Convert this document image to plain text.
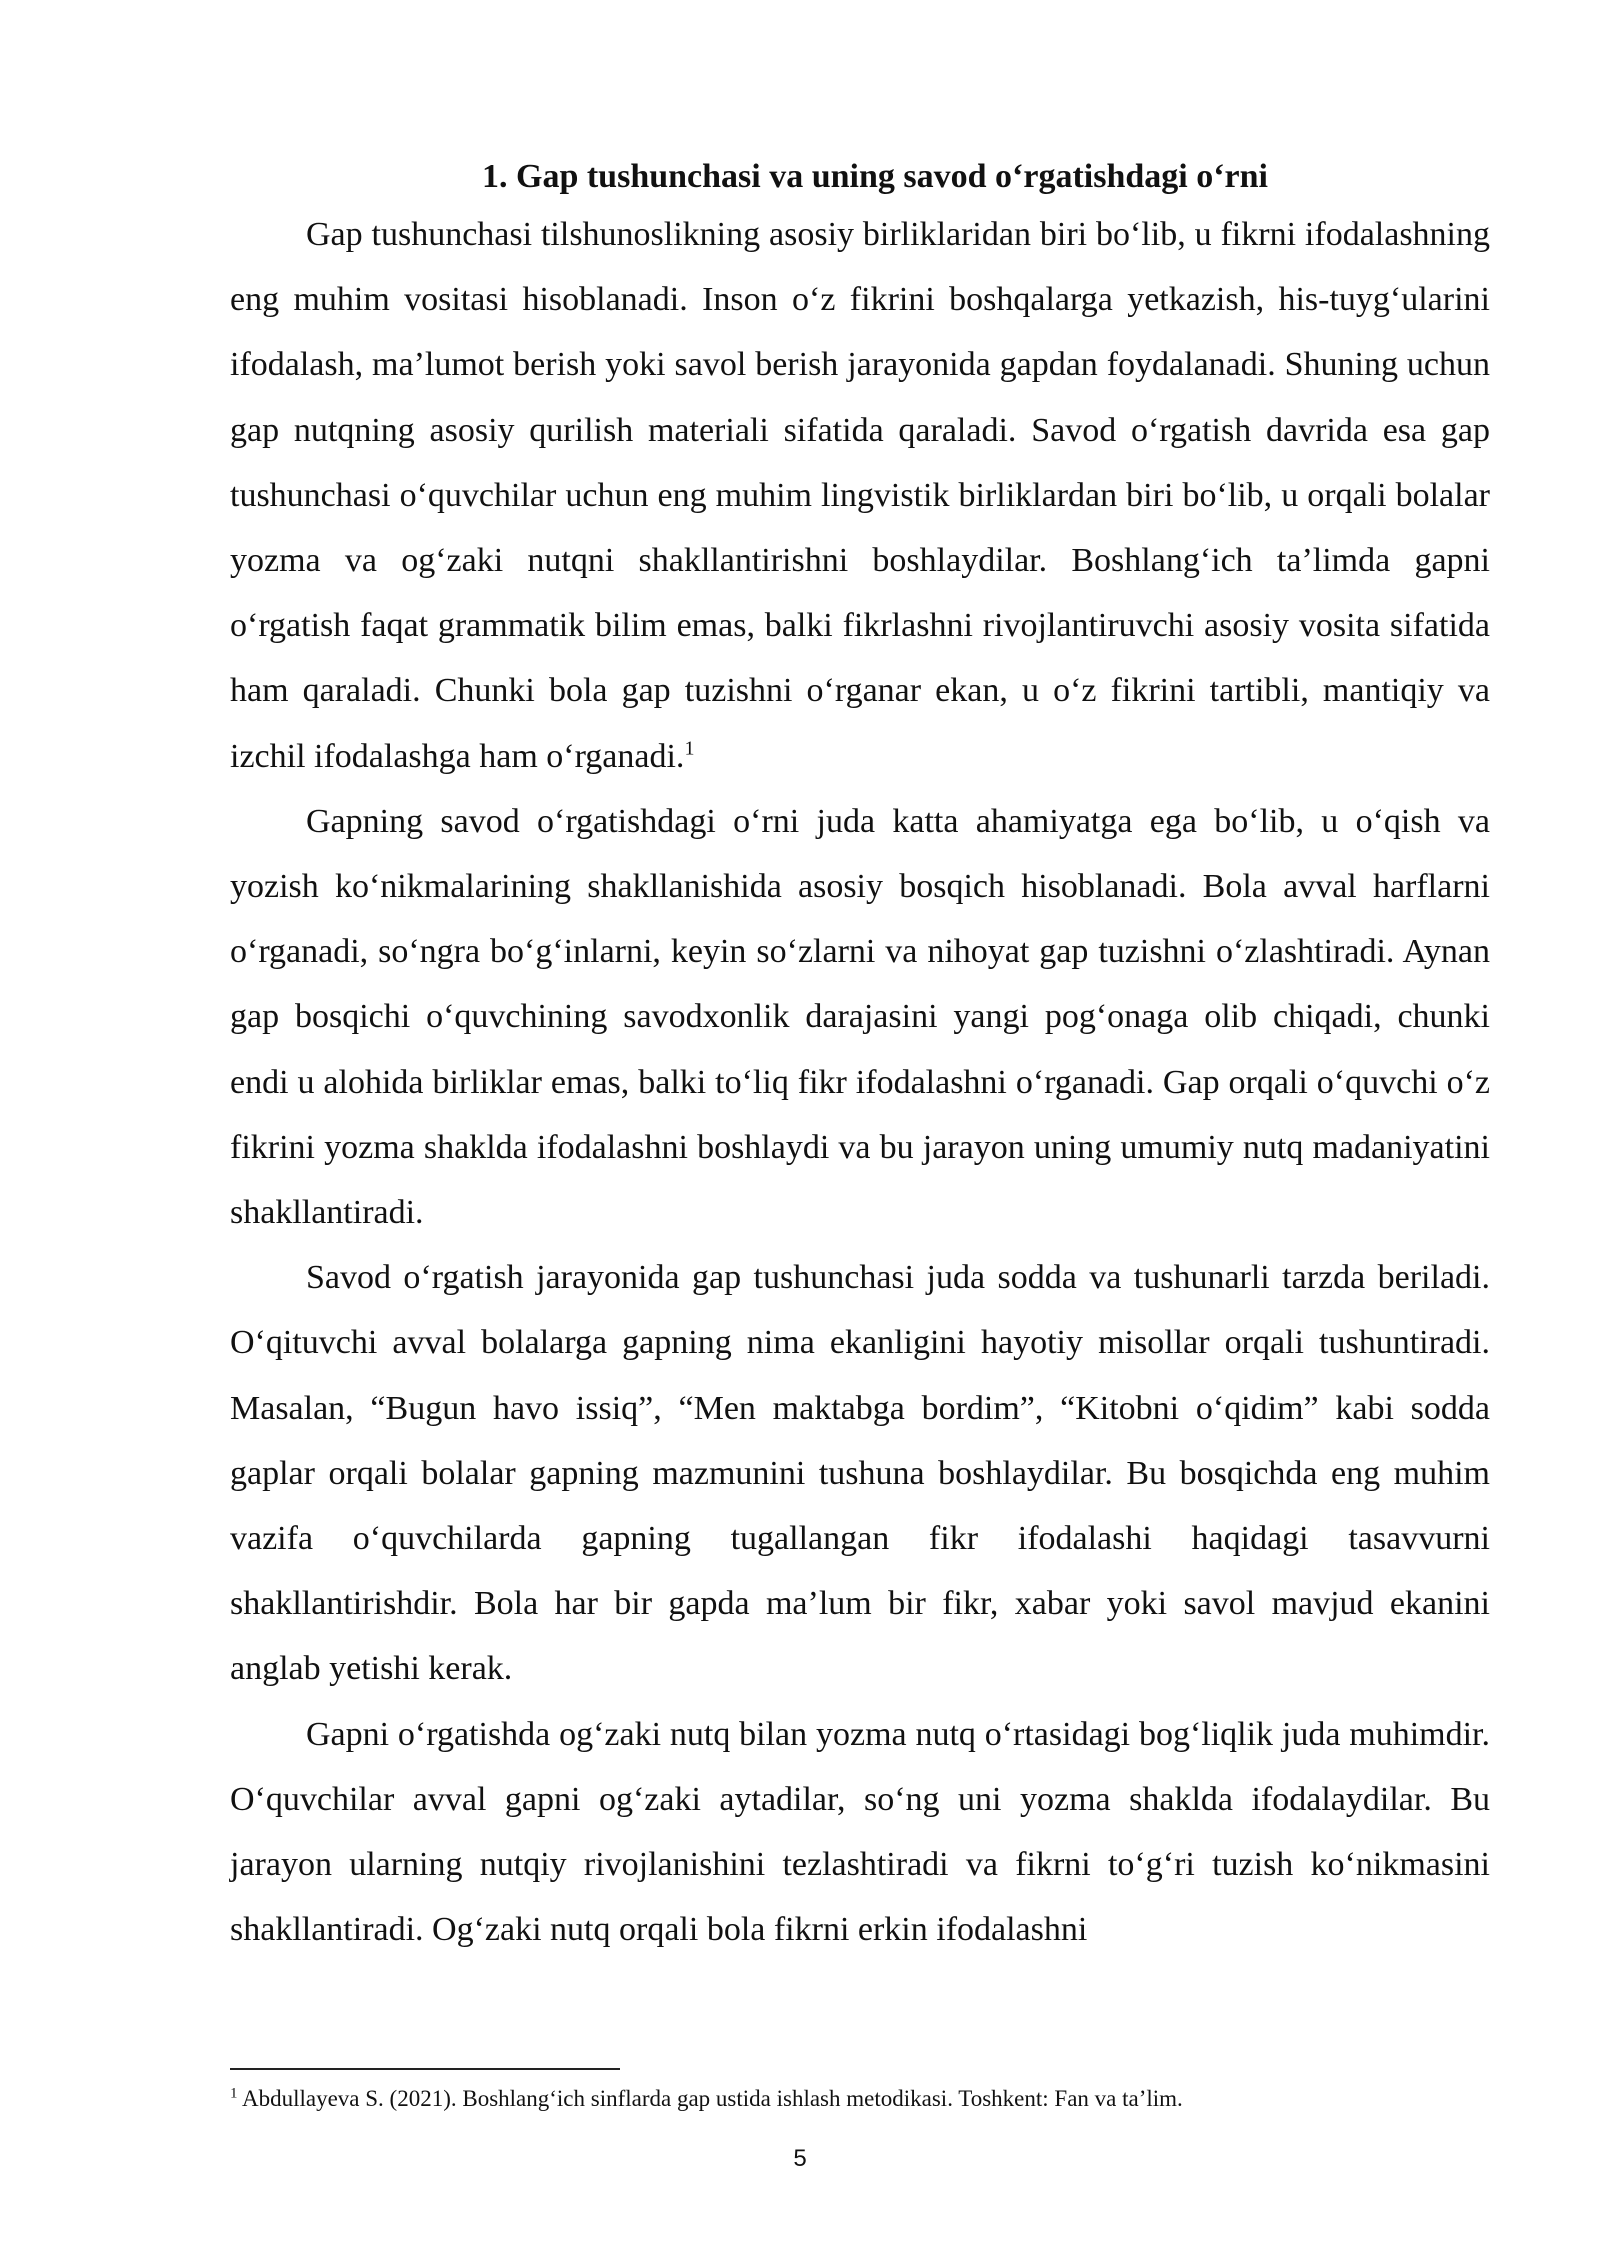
1. Gap tushunchasi va uning savod o‘rgatishdagi o‘rni

Gap tushunchasi tilshunoslikning asosiy birliklaridan biri bo‘lib, u fikrni ifodalashning eng muhim vositasi hisoblanadi. Inson o‘z fikrini boshqalarga yetkazish, his-tuyg‘ularini ifodalash, ma’lumot berish yoki savol berish jarayonida gapdan foydalanadi. Shuning uchun gap nutqning asosiy qurilish materiali sifatida qaraladi. Savod o‘rgatish davrida esa gap tushunchasi o‘quvchilar uchun eng muhim lingvistik birliklardan biri bo‘lib, u orqali bolalar yozma va og‘zaki nutqni shakllantirishni boshlaydilar. Boshlang‘ich ta’limda gapni o‘rgatish faqat grammatik bilim emas, balki fikrlashni rivojlantiruvchi asosiy vosita sifatida ham qaraladi. Chunki bola gap tuzishni o‘rganar ekan, u o‘z fikrini tartibli, mantiqiy va izchil ifodalashga ham o‘rganadi.$^1$

Gapning savod o‘rgatishdagi o‘rni juda katta ahamiyatga ega bo‘lib, u o‘qish va yozish ko‘nikmalarining shakllanishida asosiy bosqich hisoblanadi. Bola avval harflarni o‘rganadi, so‘ngra bo‘g‘inlarni, keyin so‘zlarni va nihoyat gap tuzishni o‘zlashtiradi. Aynan gap bosqichi o‘quvchining savodxonlik darajasini yangi pog‘onaga olib chiqadi, chunki endi u alohida birliklar emas, balki to‘liq fikr ifodalashni o‘rganadi. Gap orqali o‘quvchi o‘z fikrini yozma shaklda ifodalashni boshlaydi va bu jarayon uning umumiy nutq madaniyatini shakllantiradi.

Savod o‘rgatish jarayonida gap tushunchasi juda sodda va tushunarli tarzda beriladi. O‘qituvchi avval bolalarga gapning nima ekanligini hayotiy misollar orqali tushuntiradi. Masalan, “Bugun havo issiq”, “Men maktabga bordim”, “Kitobni o‘qidim” kabi sodda gaplar orqali bolalar gapning mazmunini tushuna boshlaydilar. Bu bosqichda eng muhim vazifa o‘quvchilarda gapning tugallangan fikr ifodalashi haqidagi tasavvurni shakllantirishdir. Bola har bir gapda ma’lum bir fikr, xabar yoki savol mavjud ekanini anglab yetishi kerak.

Gapni o‘rgatishda og‘zaki nutq bilan yozma nutq o‘rtasidagi bog‘liqlik juda muhimdir. O‘quvchilar avval gapni og‘zaki aytadilar, so‘ng uni yozma shaklda ifodalaydilar. Bu jarayon ularning nutqiy rivojlanishini tezlashtiradi va fikrni to‘g‘ri tuzish ko‘nikmasini shakllantiradi. Og‘zaki nutq orqali bola fikrni erkin ifodalashni

$^1$ Abdullayeva S. (2021). Boshlang‘ich sinflarda gap ustida ishlash metodikasi. Toshkent: Fan va ta’lim.
5
